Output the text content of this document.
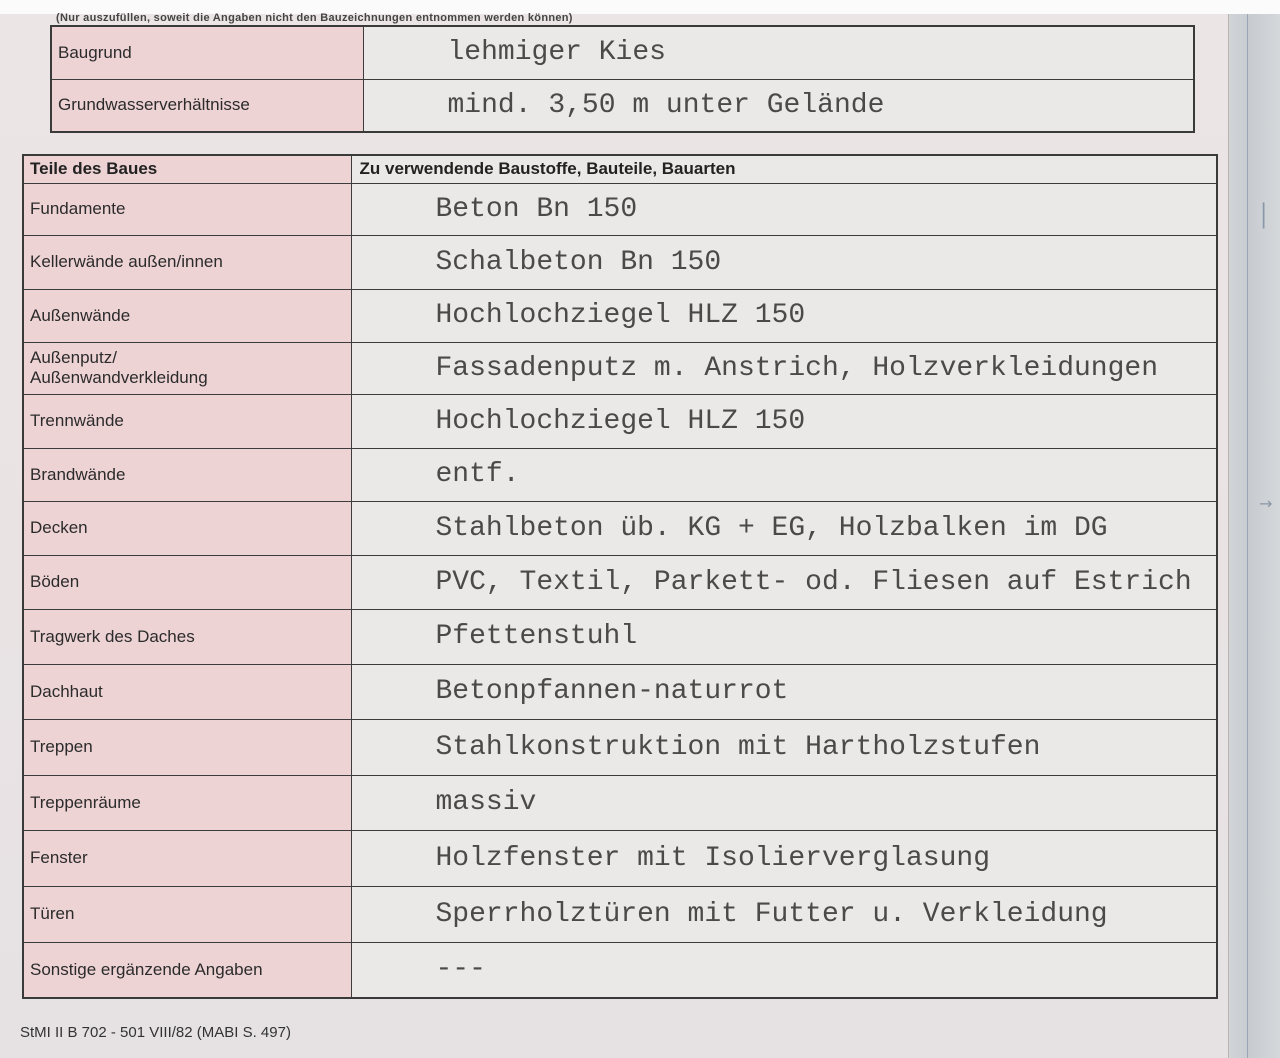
(Nur auszufüllen, soweit die Angaben nicht den Bauzeichnungen entnommen werden können)
Baugrund	lehmiger Kies
Grundwasserverhältnisse	mind. 3,50 m unter Gelände
Teile des Baues	Zu verwendende Baustoffe, Bauteile, Bauarten
Fundamente	Beton Bn 150
Kellerwände außen/innen	Schalbeton Bn 150
Außenwände	Hochlochziegel HLZ 150
Außenputz/
Außenwandverkleidung	Fassadenputz m. Anstrich, Holzverkleidungen
Trennwände	Hochlochziegel HLZ 150
Brandwände	entf.
Decken	Stahlbeton üb. KG + EG, Holzbalken im DG
Böden	PVC, Textil, Parkett- od. Fliesen auf Estrich
Tragwerk des Daches	Pfettenstuhl
Dachhaut	Betonpfannen-naturrot
Treppen	Stahlkonstruktion mit Hartholzstufen
Treppenräume	massiv
Fenster	Holzfenster mit Isolierverglasung
Türen	Sperrholztüren mit Futter u. Verkleidung
Sonstige ergänzende Angaben	---
│
→
StMI II B 702 - 501 VIII/82 (MABI S. 497)
